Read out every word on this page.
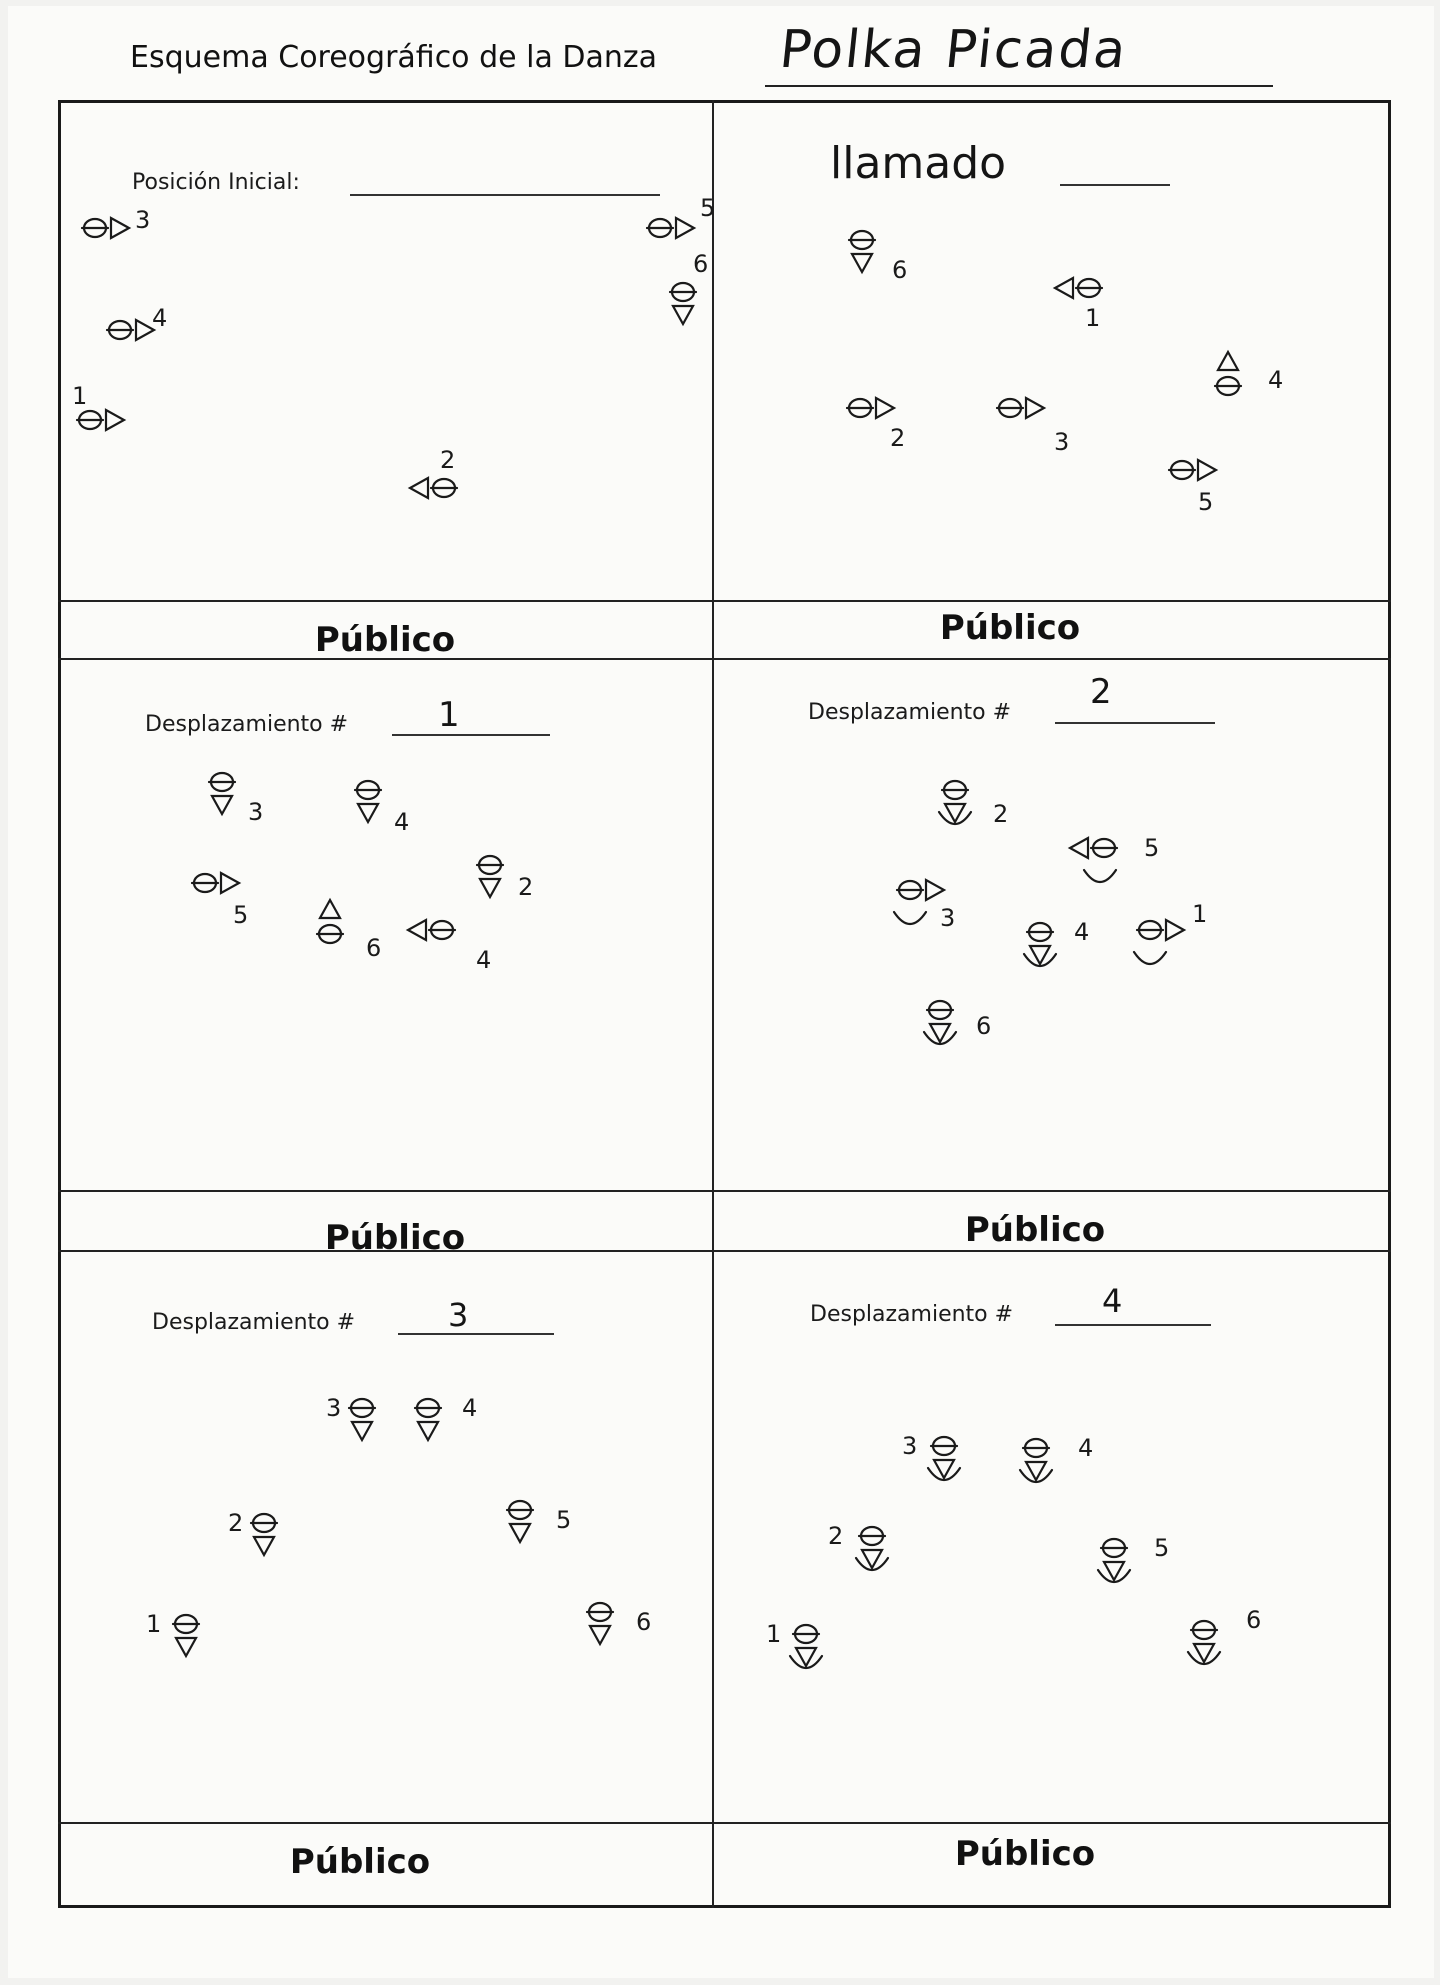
Esquema Coreográfico de la Danza Polka Picada
Público	Público
Público	Público
Público	Público
Posición Inicial:	llamado
Desplazamiento #	1	Desplazamiento #
2
Desplazamiento #	3	Desplazamiento #	4
3
4
1
2
5
6	6
1
4
2	3
5
3	4
5
6
2
4
2
3
5
4
1
6
3	4
2	5
1	6
3	4
2	5
1	6
